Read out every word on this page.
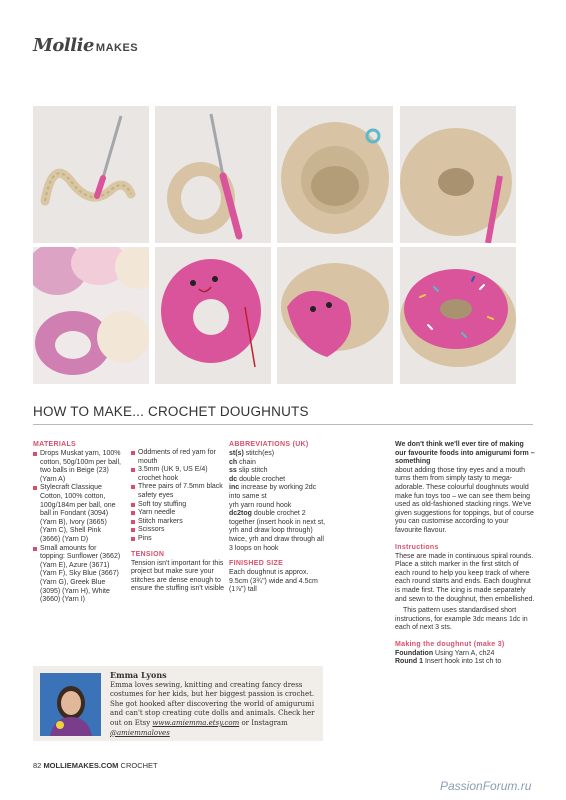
Mollie MAKES
HOW TO MAKE... CROCHET DOUGHNUTS
MATERIALS
Drops Muskat yarn, 100% cotton, 50g/100m per ball, two balls in Beige (23) (Yarn A)
Stylecraft Classique Cotton, 100% cotton, 100g/184m per ball, one ball in Fondant (3094) (Yarn B), Ivory (3665) (Yarn C), Shell Pink (3666) (Yarn D)
Small amounts for topping: Sunflower (3662) (Yarn E), Azure (3671) (Yarn F), Sky Blue (3667) (Yarn G), Greek Blue (3095) (Yarn H), White (3660) (Yarn I)
Oddments of red yarn for mouth
3.5mm (UK 9, US E/4) crochet hook
Three pairs of 7.5mm black safety eyes
Soft toy stuffing
Yarn needle
Stitch markers
Scissors
Pins
TENSION
Tension isn't important for this project but make sure your stitches are dense enough to ensure the stuffing isn't visible
ABBREVIATIONS (UK)
st(s) stitch(es)
ch chain
ss slip stitch
dc double crochet
inc increase by working 2dc into same st
yrh yarn round hook
dc2tog double crochet 2 together (insert hook in next st, yrh and draw loop through) twice, yrh and draw through all 3 loops on hook
FINISHED SIZE
Each doughnut is approx. 9.5cm (3¾") wide and 4.5cm (1⅞") tall
We don't think we'll ever tire of making our favourite foods into amigurumi form – something
about adding those tiny eyes and a mouth turns them from simply tasty to mega-adorable. These colourful doughnuts would make fun toys too – we can see them being used as old-fashioned stacking rings. We've given suggestions for toppings, but of course you can customise according to your favourite flavour.
Instructions
These are made in continuous spiral rounds. Place a stitch marker in the first stitch of each round to help you keep track of where each round starts and ends. Each doughnut is made first. The icing is made separately and sewn to the doughnut, then embellished.
This pattern uses standardised short instructions, for example 3dc means 1dc in each of next 3 sts.
Making the doughnut (make 3)
Foundation Using Yarn A, ch24
Round 1 Insert hook into 1st ch to
Emma Lyons
Emma loves sewing, knitting and creating fancy dress costumes for her kids, but her biggest passion is crochet. She got hooked after discovering the world of amigurumi and can't stop creating cute dolls and animals. Check her out on Etsy www.amiemma.etsy.com or Instagram @amiemmaloves
82 MOLLIEMAKES.COM CROCHET
PassionForum.ru
